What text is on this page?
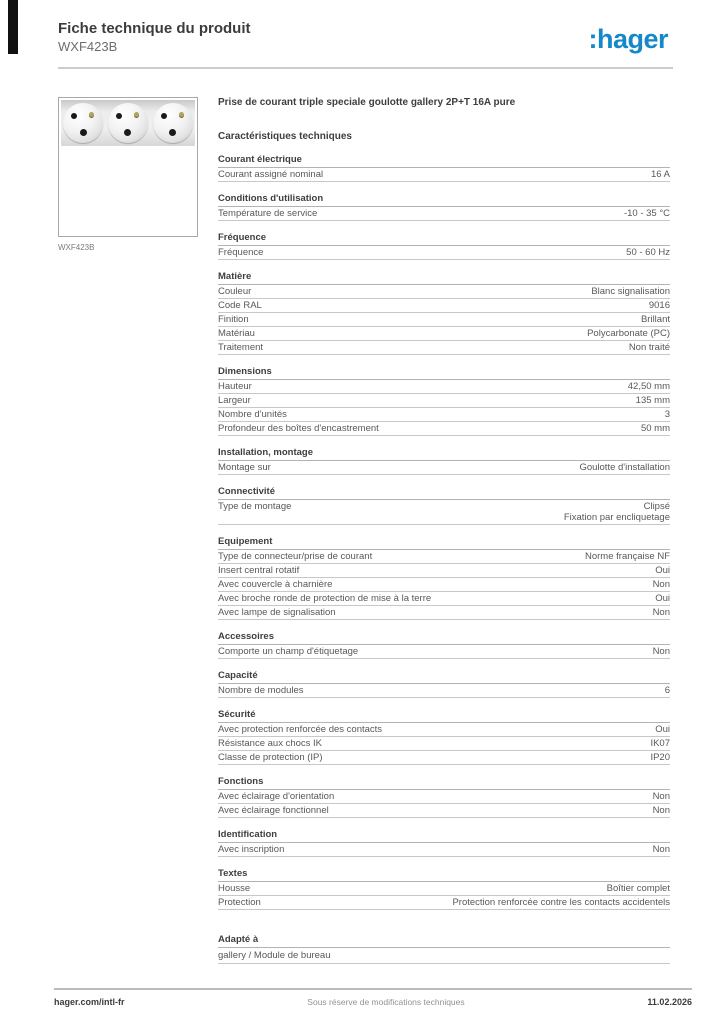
Fiche technique du produit
WXF423B	:hager
WXF423B
Prise de courant triple speciale goulotte gallery 2P+T 16A pure
Caractéristiques techniques
Courant électrique
Courant assigné nominal	16 A
Conditions d'utilisation
Température de service	-10 - 35 °C
Fréquence
Fréquence	50 - 60 Hz
Matière
Couleur	Blanc signalisation
Code RAL	9016
Finition	Brillant
Matériau	Polycarbonate (PC)
Traitement	Non traité
Dimensions
Hauteur	42,50 mm
Largeur	135 mm
Nombre d'unités	3
Profondeur des boîtes d'encastrement	50 mm
Installation, montage
Montage sur	Goulotte d'installation
Connectivité
Type de montage	Clipsé
Fixation par encliquetage
Equipement
Type de connecteur/prise de courant	Norme française NF
Insert central rotatif	Oui
Avec couvercle à charnière	Non
Avec broche ronde de protection de mise à la terre	Oui
Avec lampe de signalisation	Non
Accessoires
Comporte un champ d'étiquetage	Non
Capacité
Nombre de modules	6
Sécurité
Avec protection renforcée des contacts	Oui
Résistance aux chocs IK	IK07
Classe de protection (IP)	IP20
Fonctions
Avec éclairage d'orientation	Non
Avec éclairage fonctionnel	Non
Identification
Avec inscription	Non
Textes
Housse	Boîtier complet
Protection	Protection renforcée contre les contacts accidentels
Adapté à
gallery / Module de bureau
hager.com/intl-fr	Sous réserve de modifications techniques	11.02.2026
